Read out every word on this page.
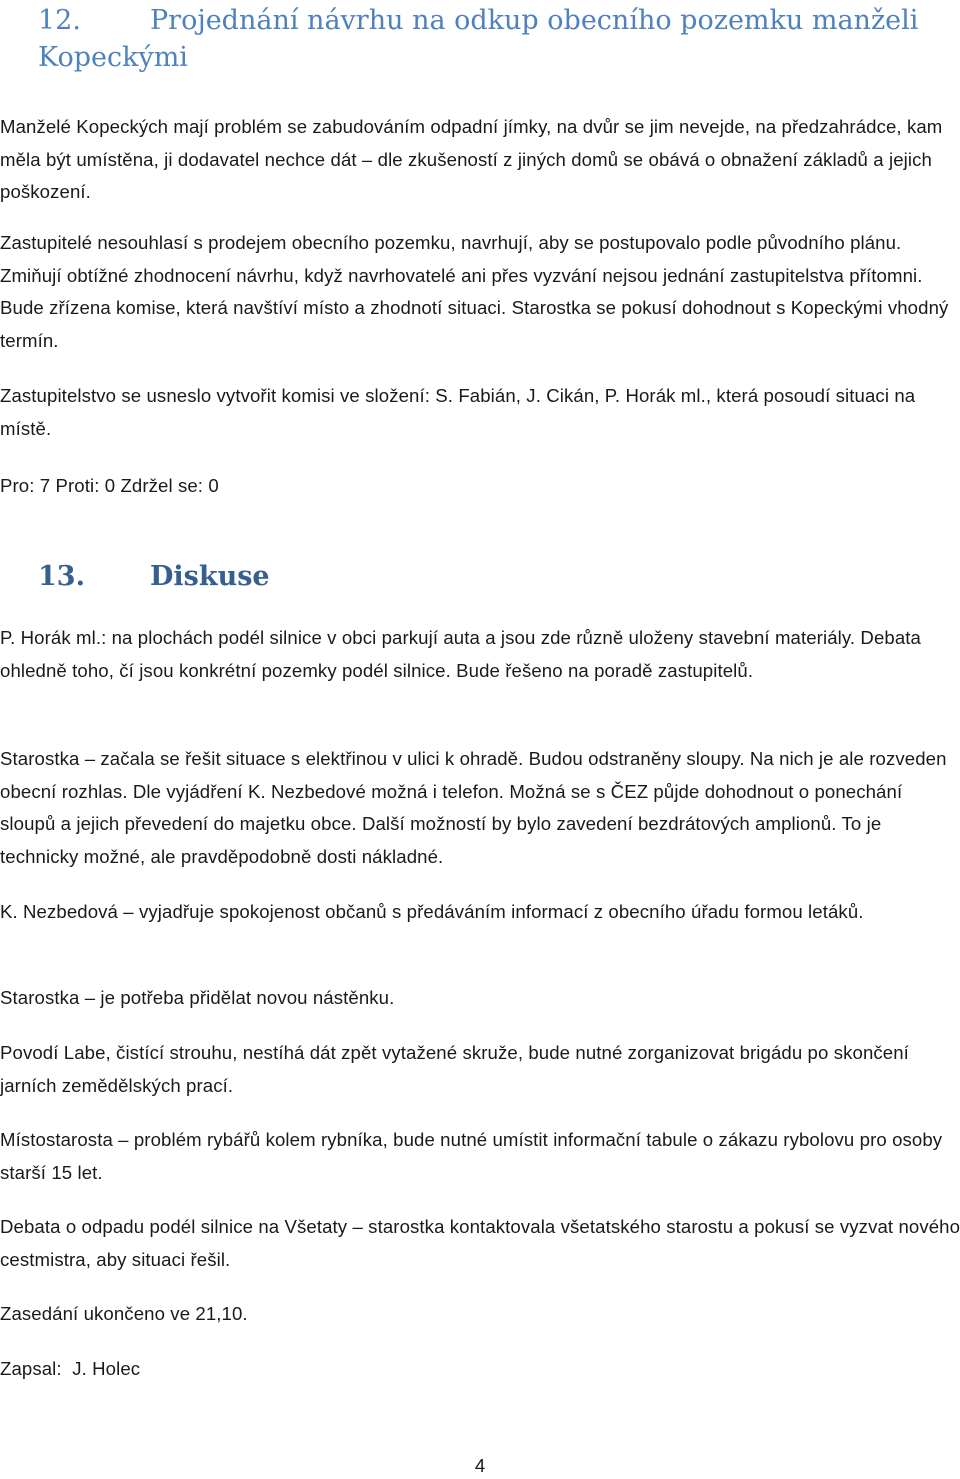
12.	Projednání návrhu na odkup obecního pozemku manželi Kopeckými

Manželé Kopeckých mají problém se zabudováním odpadní jímky, na dvůr se jim nevejde, na předzahrádce, kam měla být umístěna, ji dodavatel nechce dát – dle zkušeností z jiných domů se obává o obnažení základů a jejich poškození.

Zastupitelé nesouhlasí s prodejem obecního pozemku, navrhují, aby se postupovalo podle původního plánu. Zmiňují obtížné zhodnocení návrhu, když navrhovatelé ani přes vyzvání nejsou jednání zastupitelstva přítomni. Bude zřízena komise, která navštíví místo a zhodnotí situaci. Starostka se pokusí dohodnout s Kopeckými vhodný termín.

Zastupitelstvo se usneslo vytvořit komisi ve složení: S. Fabián, J. Cikán, P. Horák ml., která posoudí situaci na místě.

Pro: 7 Proti: 0 Zdržel se: 0

13. Diskuse

P. Horák ml.: na plochách podél silnice v obci parkují auta a jsou zde různě uloženy stavební materiály. Debata ohledně toho, čí jsou konkrétní pozemky podél silnice. Bude řešeno na poradě zastupitelů.

Starostka – začala se řešit situace s elektřinou v ulici k ohradě. Budou odstraněny sloupy. Na nich je ale rozveden obecní rozhlas. Dle vyjádření K. Nezbedové možná i telefon. Možná se s ČEZ půjde dohodnout o ponechání sloupů a jejich převedení do majetku obce. Další možností by bylo zavedení bezdrátových amplionů. To je technicky možné, ale pravděpodobně dosti nákladné.

K. Nezbedová – vyjadřuje spokojenost občanů s předáváním informací z obecního úřadu formou letáků.

Starostka – je potřeba přidělat novou nástěnku.

Povodí Labe, čistící strouhu, nestíhá dát zpět vytažené skruže, bude nutné zorganizovat brigádu po skončení jarních zemědělských prací.

Místostarosta – problém rybářů kolem rybníka, bude nutné umístit informační tabule o zákazu rybolovu pro osoby starší 15 let.

Debata o odpadu podél silnice na Všetaty – starostka kontaktovala všetatského starostu a pokusí se vyzvat nového cestmistra, aby situaci řešil.

Zasedání ukončeno ve 21,10.

Zapsal:  J. Holec

4
